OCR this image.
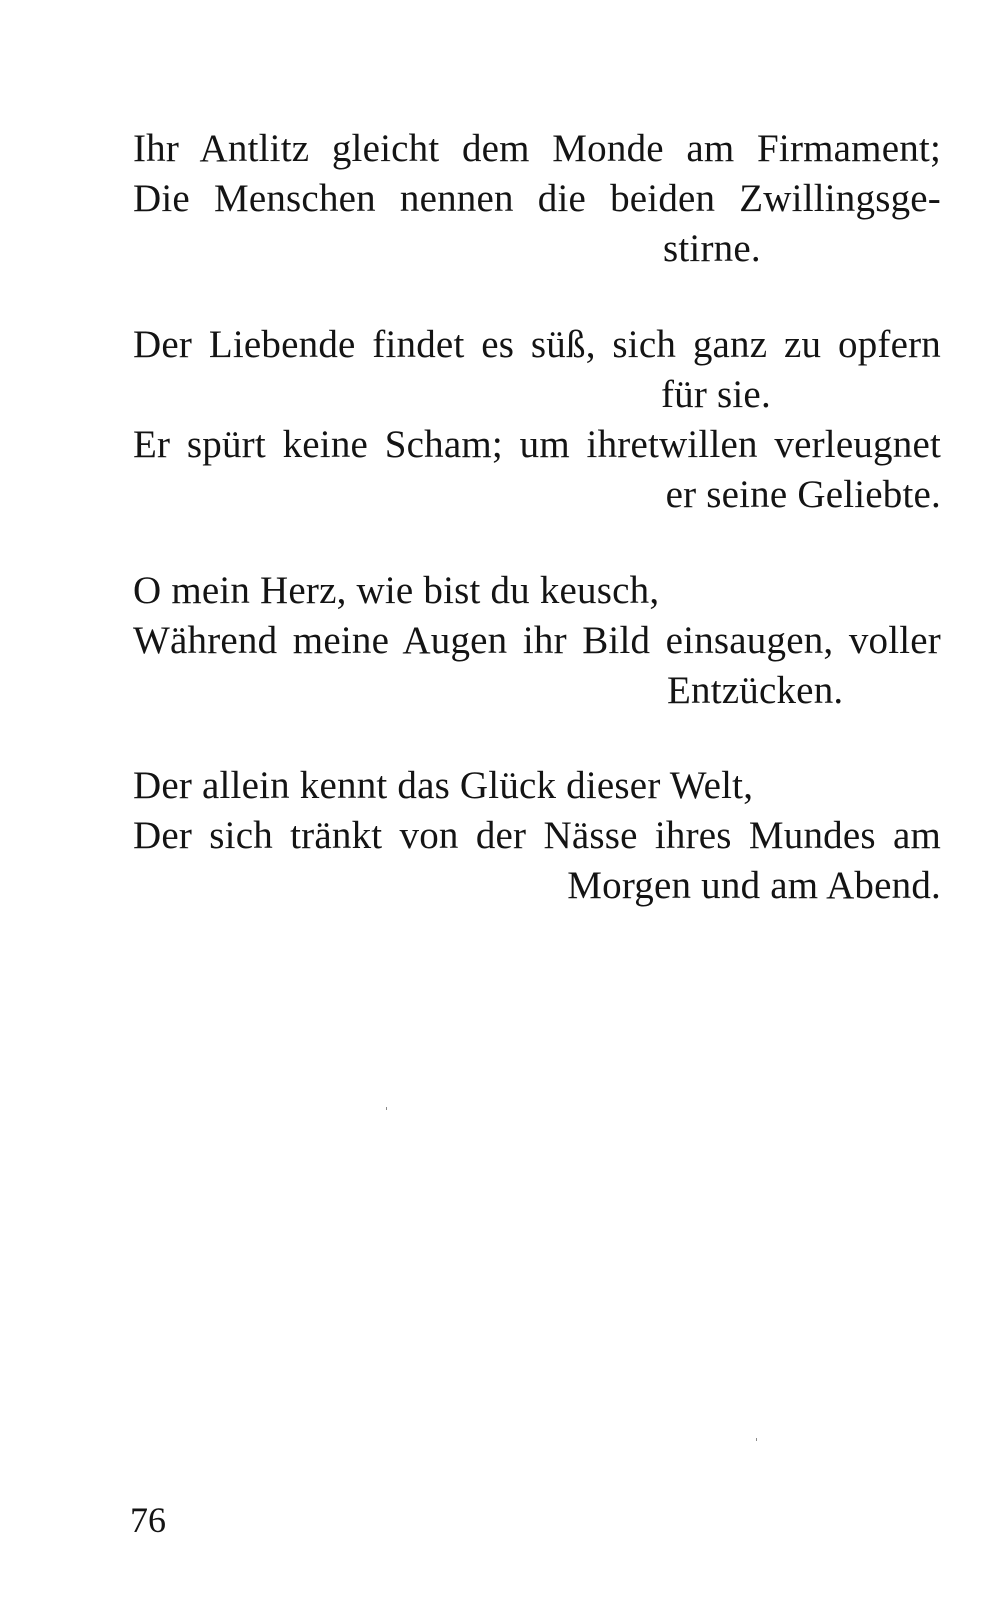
Ihr Antlitz gleicht dem Monde am Firmament;
Die Menschen nennen die beiden Zwillingsge-
stirne.
Der Liebende findet es süß, sich ganz zu opfern
für sie.
Er spürt keine Scham; um ihretwillen verleugnet
er seine Geliebte.
O mein Herz, wie bist du keusch,
Während meine Augen ihr Bild einsaugen, voller
Entzücken.
Der allein kennt das Glück dieser Welt,
Der sich tränkt von der Nässe ihres Mundes am
Morgen und am Abend.
76
